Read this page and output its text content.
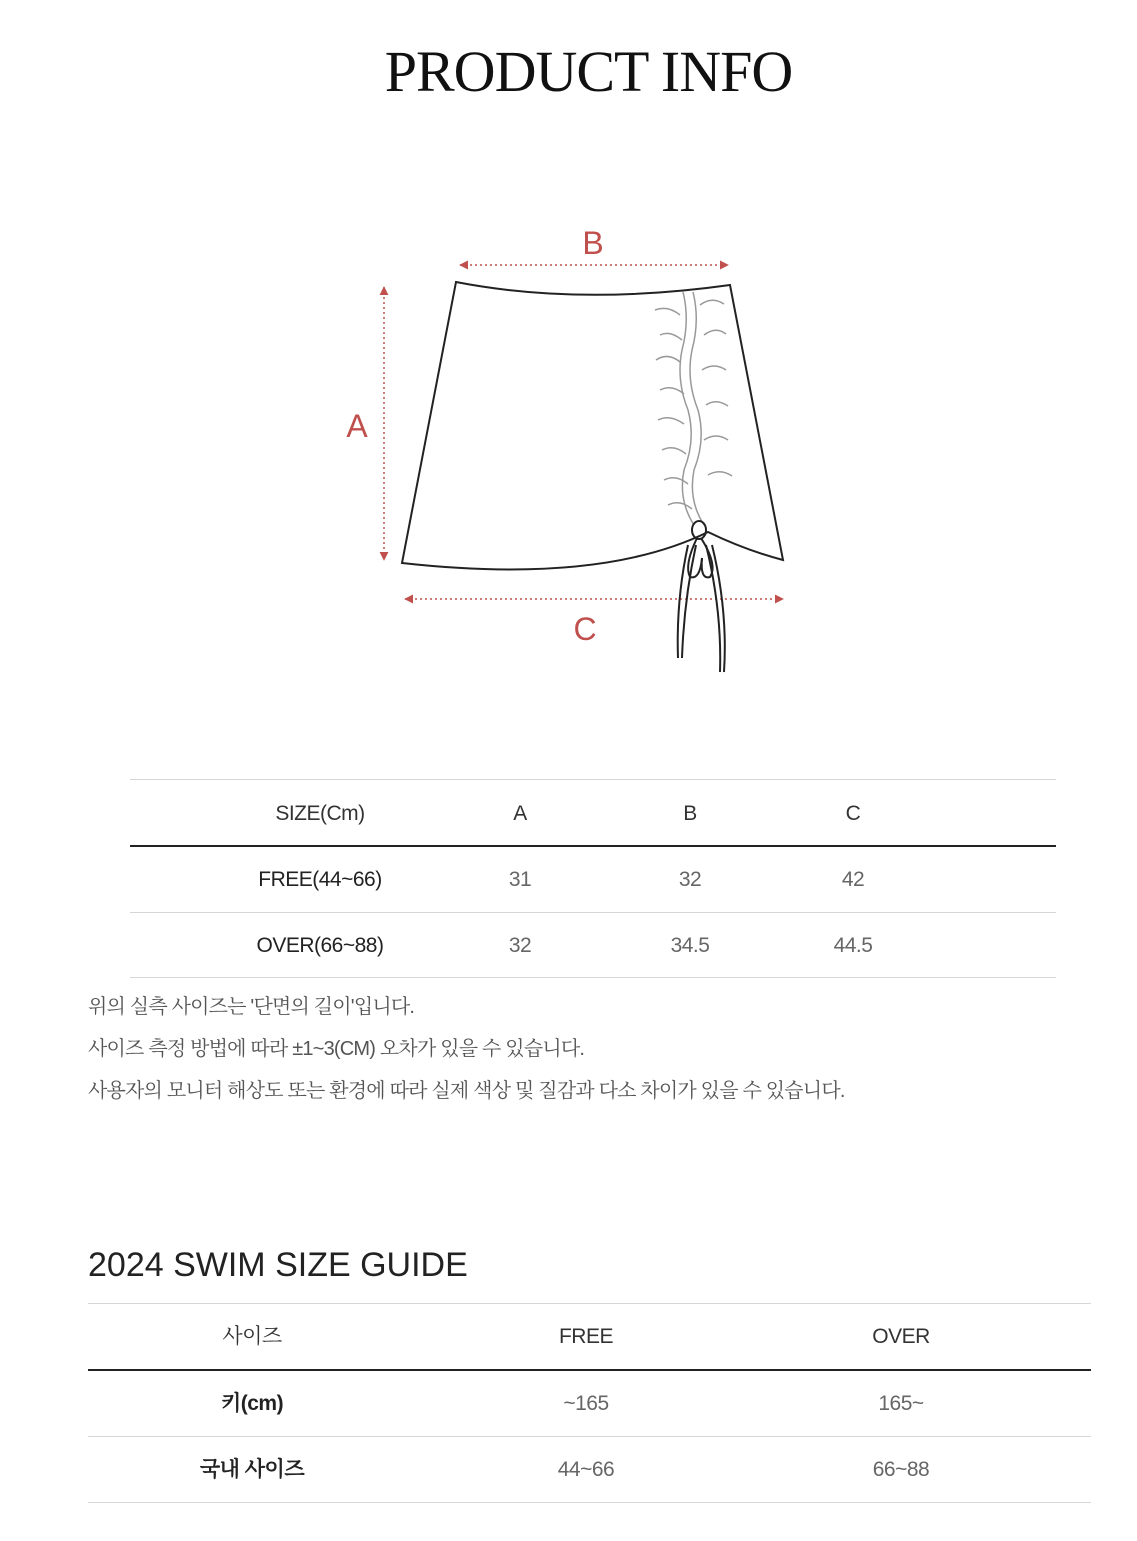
PRODUCT INFO
A
B
C
SIZE(Cm)	A	B	C
FREE(44~66)	31	32	42
OVER(66~88)	32	34.5	44.5
위의 실측 사이즈는 '단면의 길이'입니다.
사이즈 측정 방법에 따라 ±1~3(CM) 오차가 있을 수 있습니다.
사용자의 모니터 해상도 또는 환경에 따라 실제 색상 및 질감과 다소 차이가 있을 수 있습니다.
2024 SWIM SIZE GUIDE
사이즈	FREE	OVER
키(cm)	~165	165~
국내 사이즈	44~66	66~88
